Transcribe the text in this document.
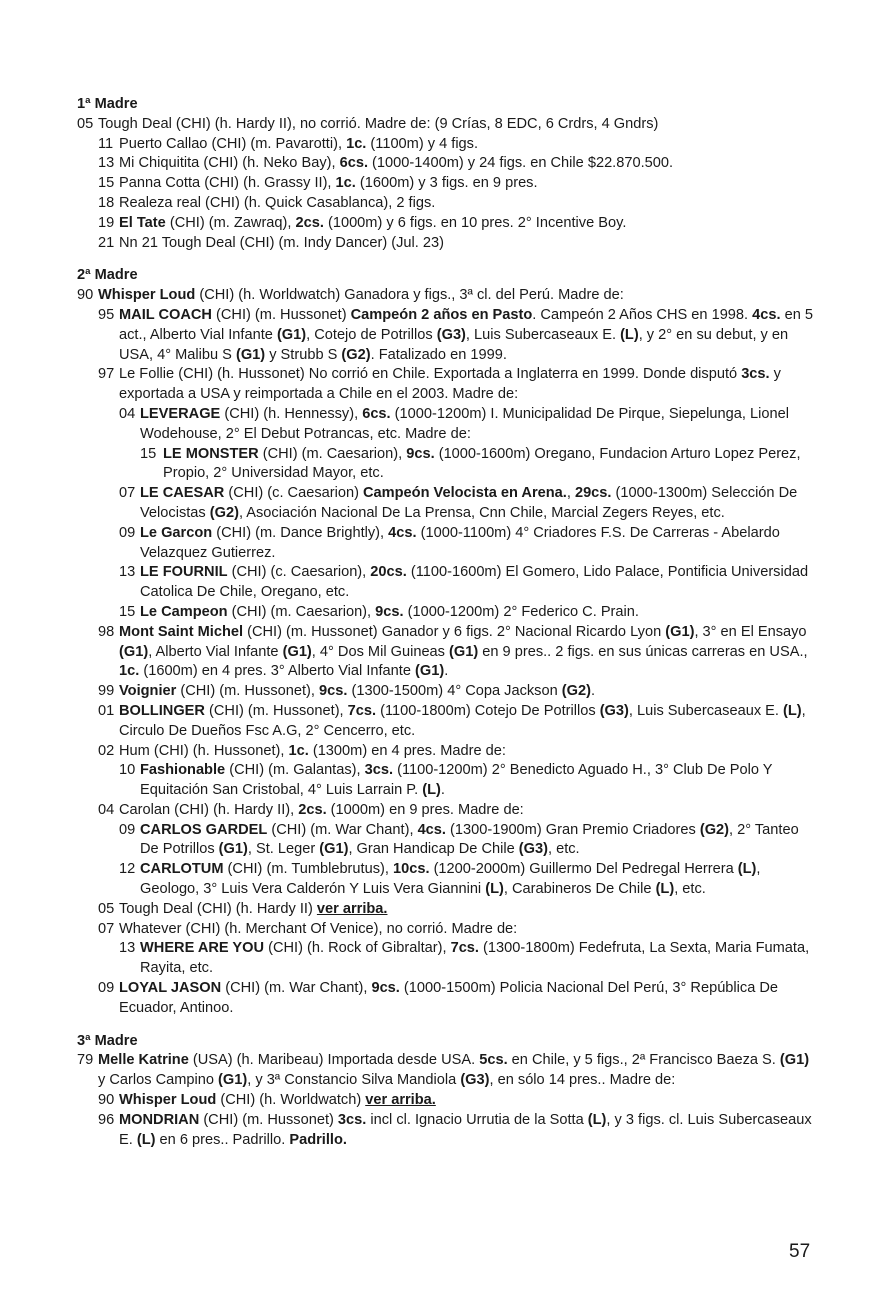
1ª Madre
05 Tough Deal (CHI) (h. Hardy II), no corrió. Madre de: (9 Crías, 8 EDC, 6 Crdrs, 4 Gndrs)
11 Puerto Callao (CHI) (m. Pavarotti), 1c. (1100m) y 4 figs.
13 Mi Chiquitita (CHI) (h. Neko Bay), 6cs. (1000-1400m) y 24 figs. en Chile $22.870.500.
15 Panna Cotta (CHI) (h. Grassy II), 1c. (1600m) y 3 figs. en 9 pres.
18 Realeza real (CHI) (h. Quick Casablanca), 2 figs.
19 El Tate (CHI) (m. Zawraq), 2cs. (1000m) y 6 figs. en 10 pres. 2° Incentive Boy.
21 Nn 21 Tough Deal (CHI) (m. Indy Dancer) (Jul. 23)
2ª Madre
90 Whisper Loud (CHI) (h. Worldwatch) Ganadora y figs., 3ª cl. del Perú. Madre de:
95 MAIL COACH (CHI) (m. Hussonet) Campeón 2 años en Pasto. Campeón 2 Años CHS en 1998. 4cs. en 5 act., Alberto Vial Infante (G1), Cotejo de Potrillos (G3), Luis Subercaseaux E. (L), y 2° en su debut, y en USA, 4° Malibu S (G1) y Strubb S (G2). Fatalizado en 1999.
97 Le Follie (CHI) (h. Hussonet) No corrió en Chile. Exportada a Inglaterra en 1999. Donde disputó 3cs. y exportada a USA y reimportada a Chile en el 2003. Madre de:
04 LEVERAGE (CHI) (h. Hennessy), 6cs. (1000-1200m) I. Municipalidad De Pirque, Siepelunga, Lionel Wodehouse, 2° El Debut Potrancas, etc. Madre de:
15 LE MONSTER (CHI) (m. Caesarion), 9cs. (1000-1600m) Oregano, Fundacion Arturo Lopez Perez, Propio, 2° Universidad Mayor, etc.
07 LE CAESAR (CHI) (c. Caesarion) Campeón Velocista en Arena., 29cs. (1000-1300m) Selección De Velocistas (G2), Asociación Nacional De La Prensa, Cnn Chile, Marcial Zegers Reyes, etc.
09 Le Garcon (CHI) (m. Dance Brightly), 4cs. (1000-1100m) 4° Criadores F.S. De Carreras - Abelardo Velazquez Gutierrez.
13 LE FOURNIL (CHI) (c. Caesarion), 20cs. (1100-1600m) El Gomero, Lido Palace, Pontificia Universidad Catolica De Chile, Oregano, etc.
15 Le Campeon (CHI) (m. Caesarion), 9cs. (1000-1200m) 2° Federico C. Prain.
98 Mont Saint Michel (CHI) (m. Hussonet) Ganador y 6 figs. 2° Nacional Ricardo Lyon (G1), 3° en El Ensayo (G1), Alberto Vial Infante (G1), 4° Dos Mil Guineas (G1) en 9 pres.. 2 figs. en sus únicas carreras en USA., 1c. (1600m) en 4 pres. 3° Alberto Vial Infante (G1).
99 Voignier (CHI) (m. Hussonet), 9cs. (1300-1500m) 4° Copa Jackson (G2).
01 BOLLINGER (CHI) (m. Hussonet), 7cs. (1100-1800m) Cotejo De Potrillos (G3), Luis Subercaseaux E. (L), Circulo De Dueños Fsc A.G, 2° Cencerro, etc.
02 Hum (CHI) (h. Hussonet), 1c. (1300m) en 4 pres. Madre de:
10 Fashionable (CHI) (m. Galantas), 3cs. (1100-1200m) 2° Benedicto Aguado H., 3° Club De Polo Y Equitación San Cristobal, 4° Luis Larrain P. (L).
04 Carolan (CHI) (h. Hardy II), 2cs. (1000m) en 9 pres. Madre de:
09 CARLOS GARDEL (CHI) (m. War Chant), 4cs. (1300-1900m) Gran Premio Criadores (G2), 2° Tanteo De Potrillos (G1), St. Leger (G1), Gran Handicap De Chile (G3), etc.
12 CARLOTUM (CHI) (m. Tumblebrutus), 10cs. (1200-2000m) Guillermo Del Pedregal Herrera (L), Geologo, 3° Luis Vera Calderón Y Luis Vera Giannini (L), Carabineros De Chile (L), etc.
05 Tough Deal (CHI) (h. Hardy II) ver arriba.
07 Whatever (CHI) (h. Merchant Of Venice), no corrió. Madre de:
13 WHERE ARE YOU (CHI) (h. Rock of Gibraltar), 7cs. (1300-1800m) Fedefruta, La Sexta, Maria Fumata, Rayita, etc.
09 LOYAL JASON (CHI) (m. War Chant), 9cs. (1000-1500m) Policia Nacional Del Perú, 3° República De Ecuador, Antinoo.
3ª Madre
79 Melle Katrine (USA) (h. Maribeau) Importada desde USA. 5cs. en Chile, y 5 figs., 2ª Francisco Baeza S. (G1) y Carlos Campino (G1), y 3ª Constancio Silva Mandiola (G3), en sólo 14 pres.. Madre de:
90 Whisper Loud (CHI) (h. Worldwatch) ver arriba.
96 MONDRIAN (CHI) (m. Hussonet) 3cs. incl cl. Ignacio Urrutia de la Sotta (L), y 3 figs. cl. Luis Subercaseaux E. (L) en 6 pres.. Padrillo. Padrillo.
57
